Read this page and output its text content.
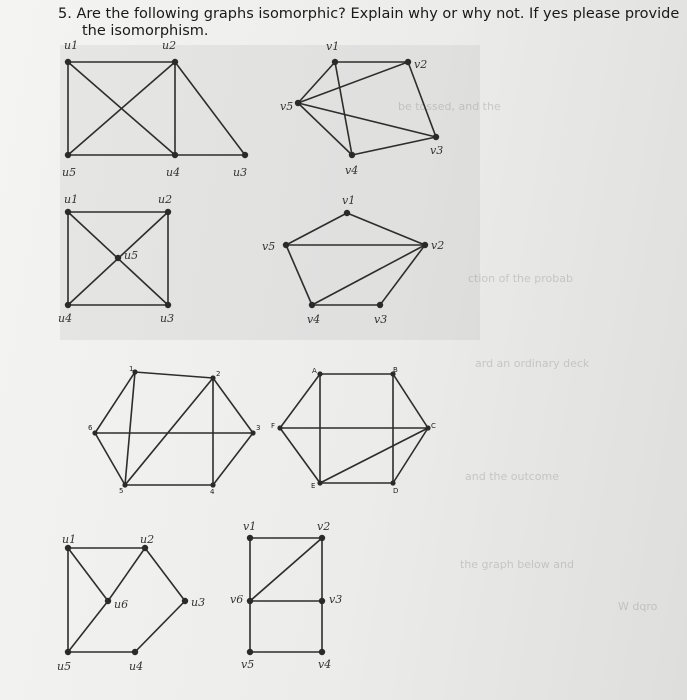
5. Are the following graphs isomorphic? Explain why or why not. If yes please provide
the isomorphism.
be tossed, and the
ction of the probab
ard an ordinary deck
and the outcome
the graph below and
W dqro
u1	u2
u3
u4
u5
v1
v2
v3
v4
v5
u1	u2
u3
u4
u5
v1
v2
v3
v4
v5
u1	u2
u3
u4
u5
u6
v1	v2
v3
v4
v5
v6
1
2
3
4
5
6
A	B
C
D
E
F
